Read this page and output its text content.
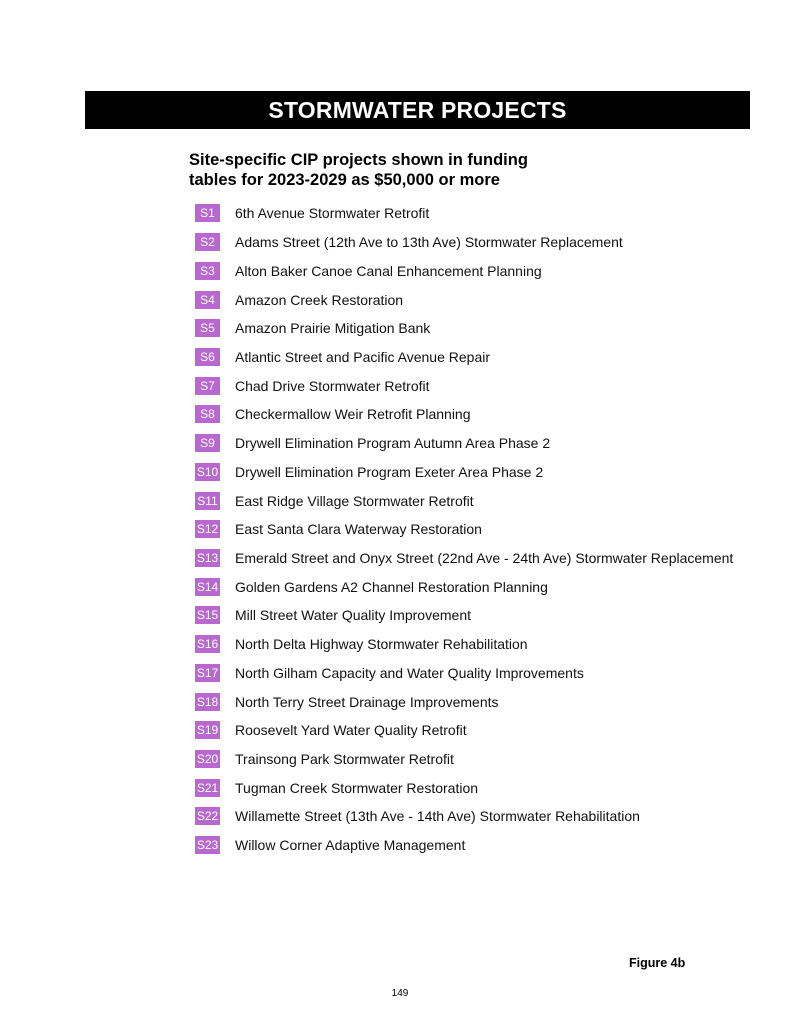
STORMWATER PROJECTS
Site-specific CIP projects shown in funding
tables for 2023-2029 as $50,000 or more
S1	6th Avenue Stormwater Retrofit
S2	Adams Street (12th Ave to 13th Ave) Stormwater Replacement
S3	Alton Baker Canoe Canal Enhancement Planning
S4	Amazon Creek Restoration
S5	Amazon Prairie Mitigation Bank
S6	Atlantic Street and Pacific Avenue Repair
S7	Chad Drive Stormwater Retrofit
S8	Checkermallow Weir Retrofit Planning
S9	Drywell Elimination Program Autumn Area Phase 2
S10 Drywell Elimination Program Exeter Area Phase 2
S11 East Ridge Village Stormwater Retrofit
S12 East Santa Clara Waterway Restoration
S13 Emerald Street and Onyx Street (22nd Ave - 24th Ave) Stormwater Replacement
S14 Golden Gardens A2 Channel Restoration Planning
S15 Mill Street Water Quality Improvement
S16 North Delta Highway Stormwater Rehabilitation
S17 North Gilham Capacity and Water Quality Improvements
S18 North Terry Street Drainage Improvements
S19 Roosevelt Yard Water Quality Retrofit
S20 Trainsong Park Stormwater Retrofit
S21 Tugman Creek Stormwater Restoration
S22 Willamette Street (13th Ave - 14th Ave) Stormwater Rehabilitation
S23 Willow Corner Adaptive Management
Figure 4b
149
